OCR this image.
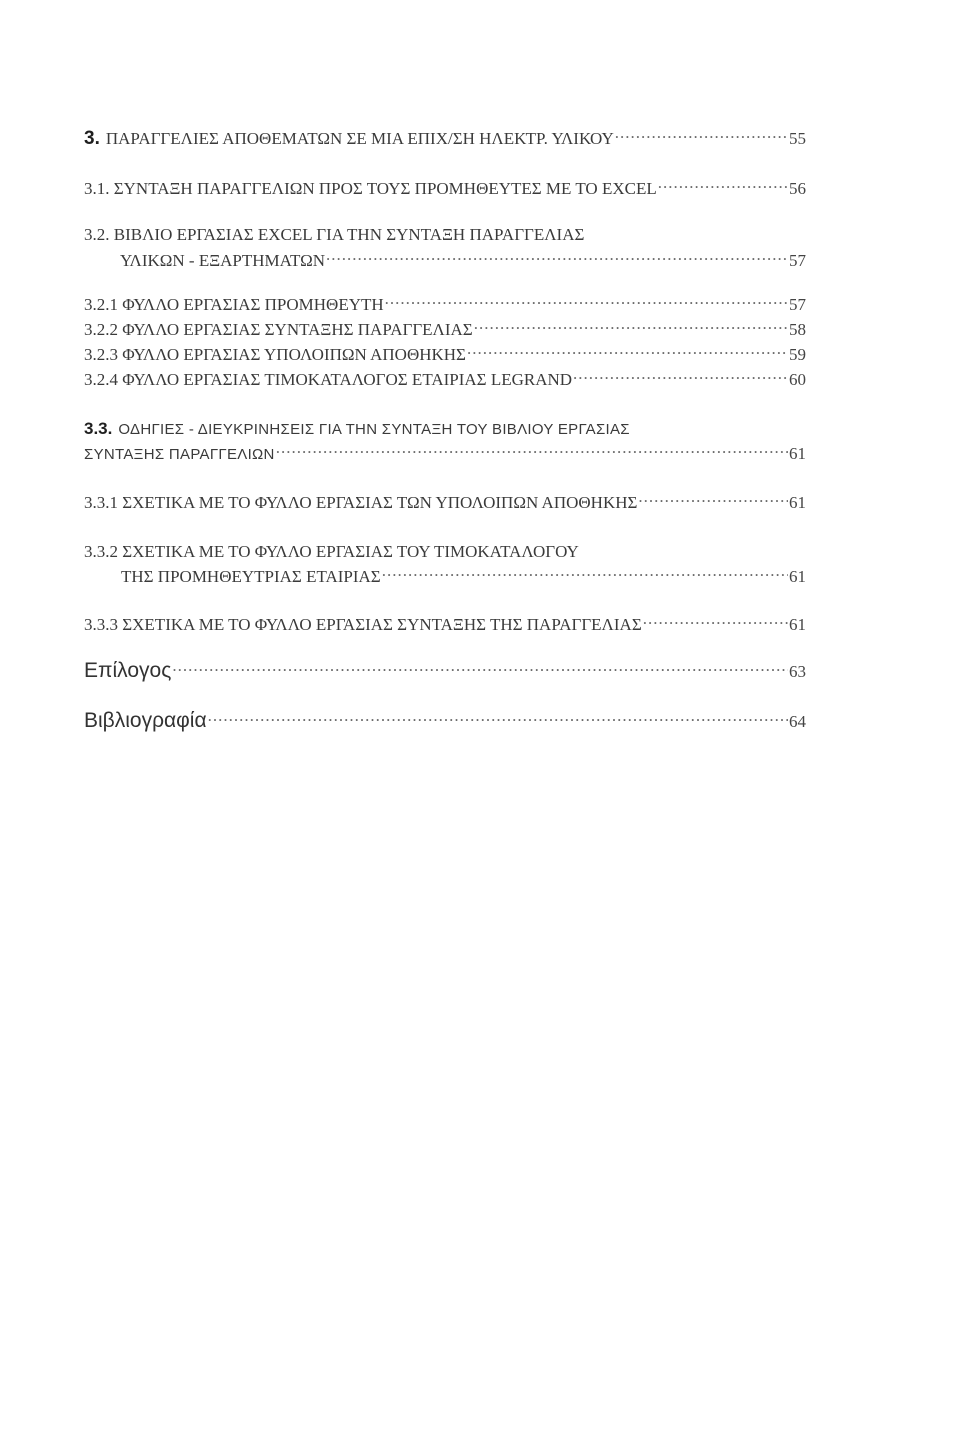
3. ΠΑΡΑΓΓΕΛΙΕΣ ΑΠΟΘΕΜΑΤΩΝ ΣΕ ΜΙΑ ΕΠΙΧ/ΣΗ ΗΛΕΚΤΡ. ΥΛΙΚΟΥ .....	55
3.1. ΣΥΝΤΑΞΗ ΠΑΡΑΓΓΕΛΙΩΝ ΠΡΟΣ ΤΟΥΣ ΠΡΟΜΗΘΕΥΤΕΣ ΜΕ ΤΟ EXCEL .....	56
3.2. ΒΙΒΛΙΟ ΕΡΓΑΣΙΑΣ EXCEL ΓΙΑ ΤΗΝ ΣΥΝΤΑΞΗ ΠΑΡΑΓΓΕΛΙΑΣ
ΥΛΙΚΩΝ - ΕΞΑΡΤΗΜΑΤΩΝ .....	57
3.2.1 ΦΥΛΛΟ ΕΡΓΑΣΙΑΣ ΠΡΟΜΗΘΕΥΤΗ .....	57
3.2.2 ΦΥΛΛΟ ΕΡΓΑΣΙΑΣ ΣΥΝΤΑΞΗΣ ΠΑΡΑΓΓΕΛΙΑΣ .....	58
3.2.3 ΦΥΛΛΟ ΕΡΓΑΣΙΑΣ ΥΠΟΛΟΙΠΩΝ ΑΠΟΘΗΚΗΣ .....	59
3.2.4 ΦΥΛΛΟ ΕΡΓΑΣΙΑΣ ΤΙΜΟΚΑΤΑΛΟΓΟΣ ΕΤΑΙΡΙΑΣ LEGRAND .....	60
3.3. ΟΔΗΓΙΕΣ - ΔΙΕΥΚΡΙΝΗΣΕΙΣ ΓΙΑ ΤΗΝ ΣΥΝΤΑΞΗ ΤΟΥ ΒΙΒΛΙΟΥ ΕΡΓΑΣΙΑΣ
ΣΥΝΤΑΞΗΣ ΠΑΡΑΓΓΕΛΙΩΝ .....	61
3.3.1 ΣΧΕΤΙΚΑ ΜΕ ΤΟ ΦΥΛΛΟ ΕΡΓΑΣΙΑΣ ΤΩΝ ΥΠΟΛΟΙΠΩΝ ΑΠΟΘΗΚΗΣ .....	61
3.3.2 ΣΧΕΤΙΚΑ ΜΕ ΤΟ ΦΥΛΛΟ ΕΡΓΑΣΙΑΣ ΤΟΥ ΤΙΜΟΚΑΤΑΛΟΓΟΥ
ΤΗΣ ΠΡΟΜΗΘΕΥΤΡΙΑΣ ΕΤΑΙΡΙΑΣ .....	61
3.3.3 ΣΧΕΤΙΚΑ ΜΕ ΤΟ ΦΥΛΛΟ ΕΡΓΑΣΙΑΣ ΣΥΝΤΑΞΗΣ ΤΗΣ ΠΑΡΑΓΓΕΛΙΑΣ .....	61
Επίλογος .....	63
Βιβλιογραφία .....	64
